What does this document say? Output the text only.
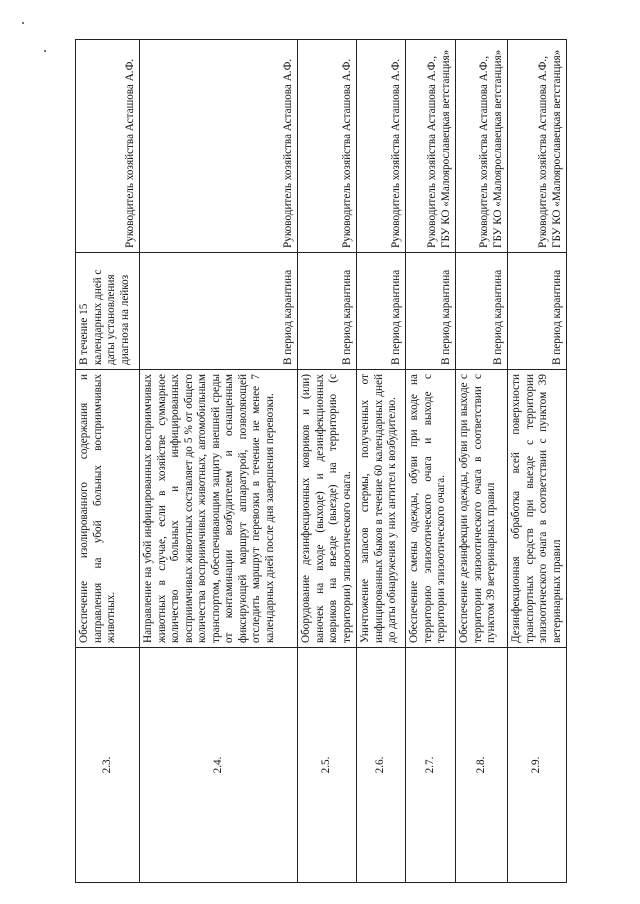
2.3.	Обеспечение изолированного содержания и направления на убой больных восприимчивых животных.	В течение 15 календарных дней с даты установления диагноза на лейкоз	Руководитель хозяйства Асташова А.Ф.
2.4.	Направление на убой инфицированных восприимчивых животных в случае, если в хозяйстве суммарное количество больных и инфицированных восприимчивых животных составляет до 5 % от общего количества восприимчивых животных, автомобильным транспортом, обеспечивающим защиту внешней среды от контаминации возбудителем и оснащенным фиксирующей маршрут аппаратурой, позволяющей отследить маршрут перевозки в течение не менее 7 календарных дней после дня завершения перевозки.	В период карантина	Руководитель хозяйства Асташова А.Ф.
2.5.	Оборудование дезинфекционных ковриков и (или) ваночек на входе (выходе) и дезинфекционных ковриков на въезде (выезде) на территорию (с территории) эпизоотического очага.	В период карантина	Руководитель хозяйства Асташова А.Ф.
2.6.	Уничтожение запасов спермы, полученных от инфицированных быков в течение 60 календарных дней до даты обнаружения у них антител к возбудителю.	В период карантина	Руководитель хозяйства Асташова А.Ф.
2.7.	Обеспечение смены одежды, обуви при входе на территорию эпизоотического очага и выходе с территории эпизоотического очага.	В период карантина	Руководитель хозяйства Асташова А.Ф., ГБУ КО «Малоярославецкая ветстанция»
2.8.	Обеспечение дезинфекции одежды, обуви при выходе с территории эпизоотического очага в соответствии с пунктом 39 ветеринарных правил	В период карантина	Руководитель хозяйства Асташова А.Ф., ГБУ КО «Малоярославецкая ветстанция»
2.9.	Дезинфекционная обработка всей поверхности транспортных средств при выезде с территории эпизоотического очага в соответствии с пунктом 39 ветеринарных правил	В период карантина	Руководитель хозяйства Асташова А.Ф., ГБУ КО «Малоярославецкая ветстанция»
